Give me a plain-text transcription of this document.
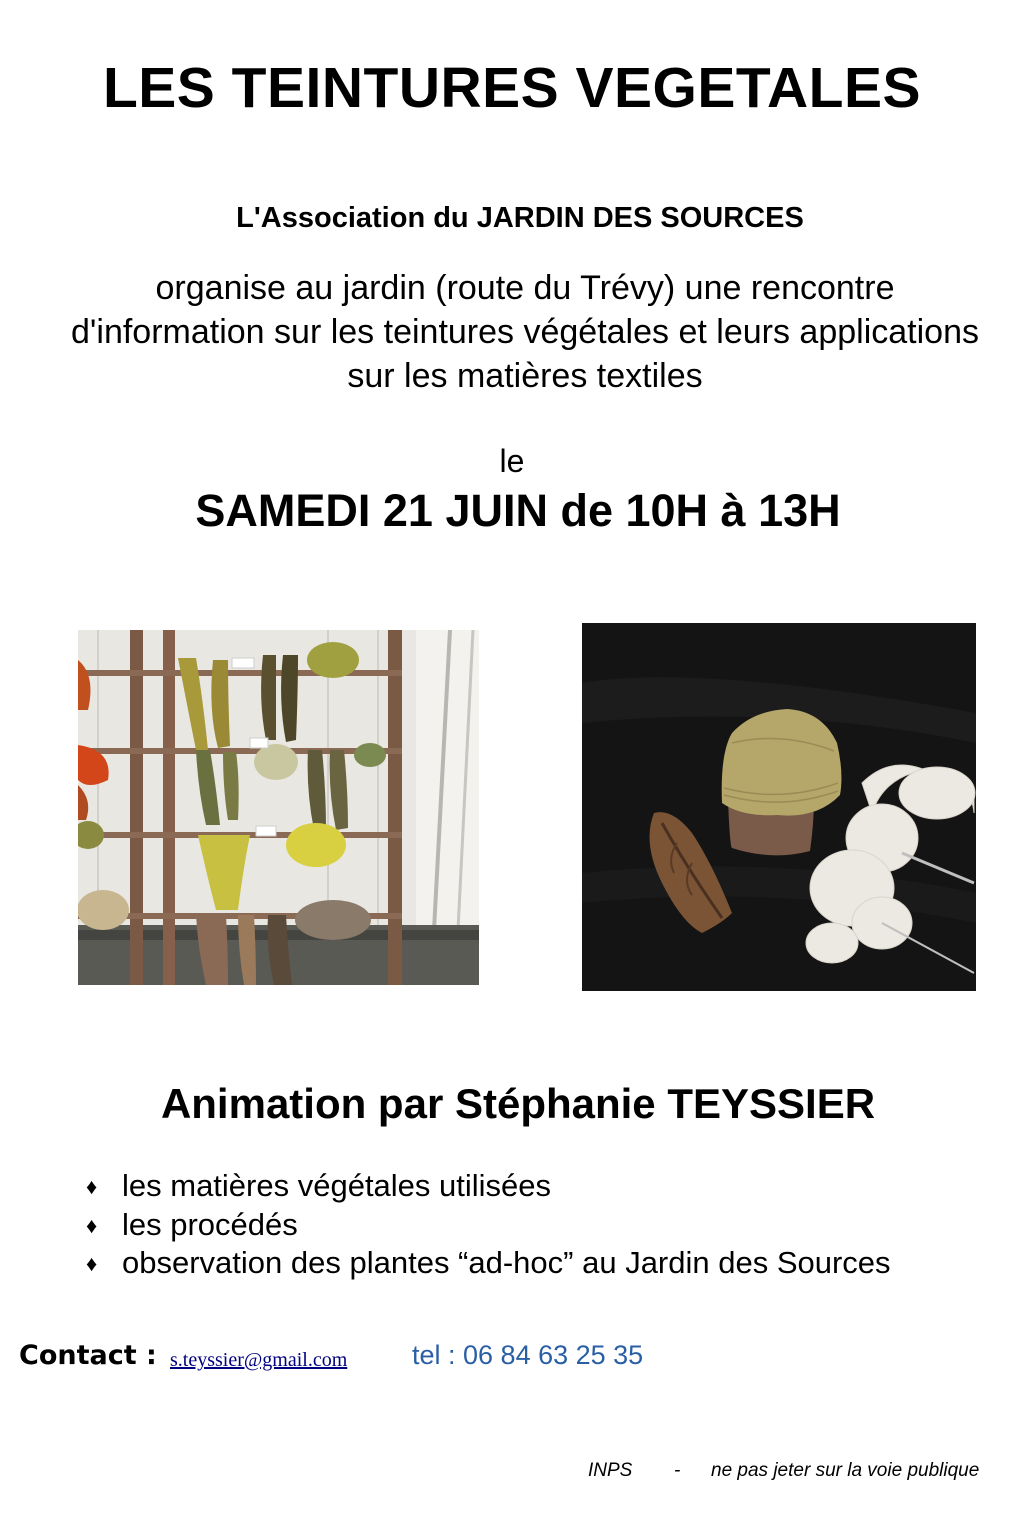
LES TEINTURES VEGETALES
L'Association du JARDIN DES SOURCES
organise au jardin (route du Trévy) une rencontre
d'information sur les teintures végétales et leurs applications
sur les matières textiles
le
SAMEDI 21 JUIN de 10H à 13H
Animation par Stéphanie TEYSSIER
♦ les matières végétales utilisées
♦ les procédés
♦ observation des plantes “ad-hoc” au Jardin des Sources
Contact : s.teyssier@gmail.com tel : 06 84 63 25 35
INPS - ne pas jeter sur la voie publique
